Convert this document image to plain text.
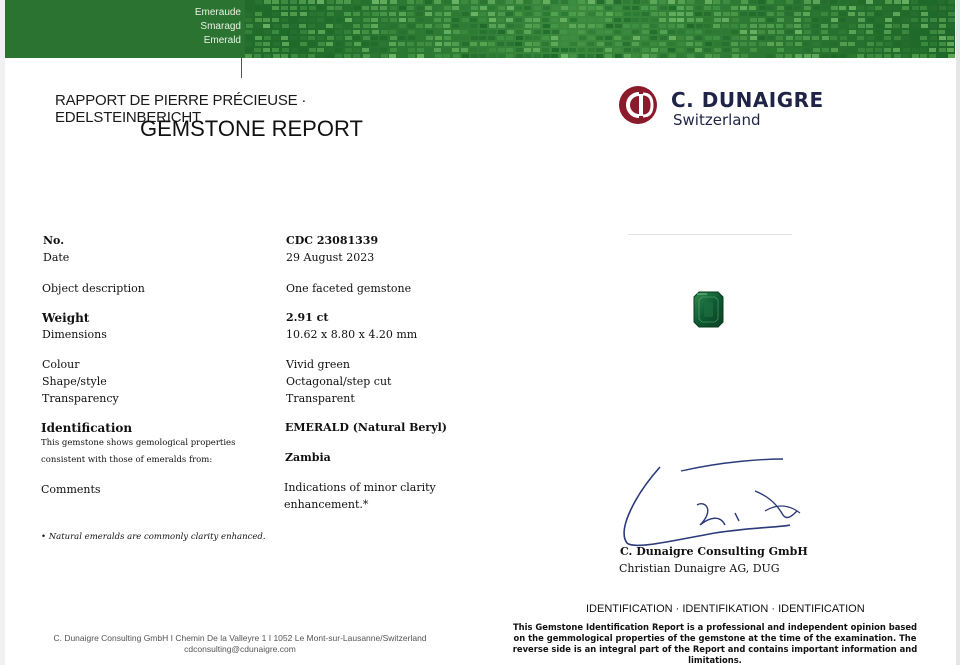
Emeraude
Smaragd
Emerald
RAPPORT DE PIERRE PRÉCIEUSE · EDELSTEINBERICHT
GEMSTONE REPORT
C. DUNAIGRE
Switzerland
No.
Date
Object description
Weight
Dimensions
Colour
Shape/style
Transparency
Identification
This gemstone shows gemological properties
consistent with those of emeralds from:
Comments
CDC 23081339
29 August 2023
One faceted gemstone
2.91 ct
10.62 x 8.80 x 4.20 mm
Vivid green
Octagonal/step cut
Transparent
EMERALD (Natural Beryl)
Zambia
Indications of minor clarity
enhancement.*
C. Dunaigre Consulting GmbH
Christian Dunaigre AG, DUG
• Natural emeralds are commonly clarity enhanced.
C. Dunaigre Consulting GmbH I Chemin De la Valleyre 1 I 1052 Le Mont-sur-Lausanne/Switzerland
cdconsulting@cdunaigre.com
IDENTIFICATION · IDENTIFIKATION · IDENTIFICATION
This Gemstone Identification Report is a professional and independent opinion based on the gemmological properties of the gemstone at the time of the examination. The reverse side is an integral part of the Report and contains important information and limitations.
